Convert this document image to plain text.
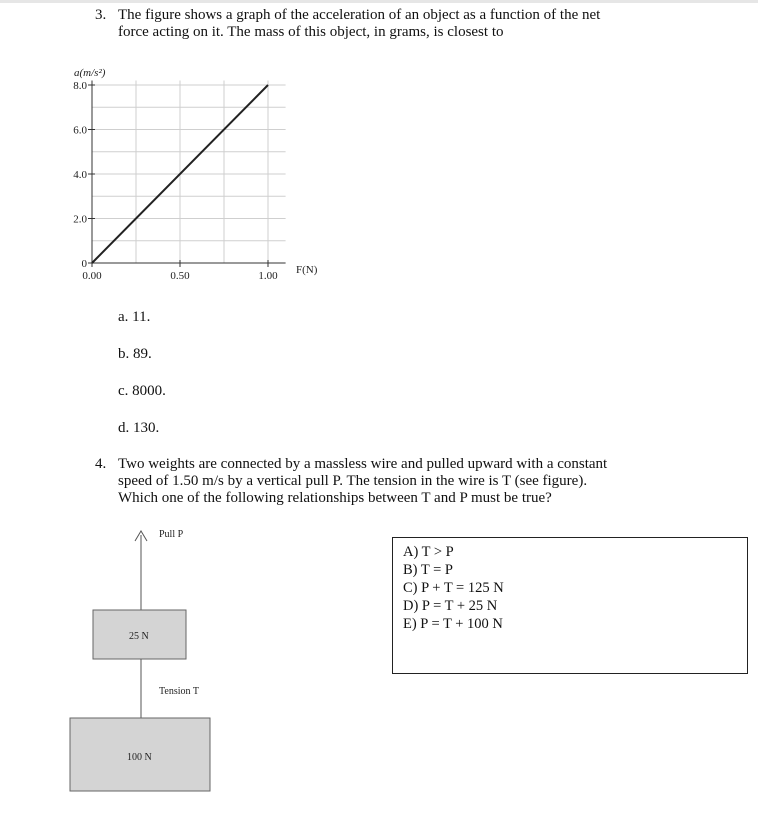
3. The figure shows a graph of the acceleration of an object as a function of the net
force acting on it. The mass of this object, in grams, is closest to
0.00	0.50	1.00
0
2.0
4.0
6.0
8.0
a(m/s²)
F(N)
a. 11.
b. 89.
c. 8000.
d. 130.
4. Two weights are connected by a massless wire and pulled upward with a constant
speed of 1.50 m/s by a vertical pull P. The tension in the wire is T (see figure).
Which one of the following relationships between T and P must be true?
Pull P
25 N
Tension T
100 N
A) T > P
B) T = P
C) P + T = 125 N
D) P = T + 25 N
E) P = T + 100 N
